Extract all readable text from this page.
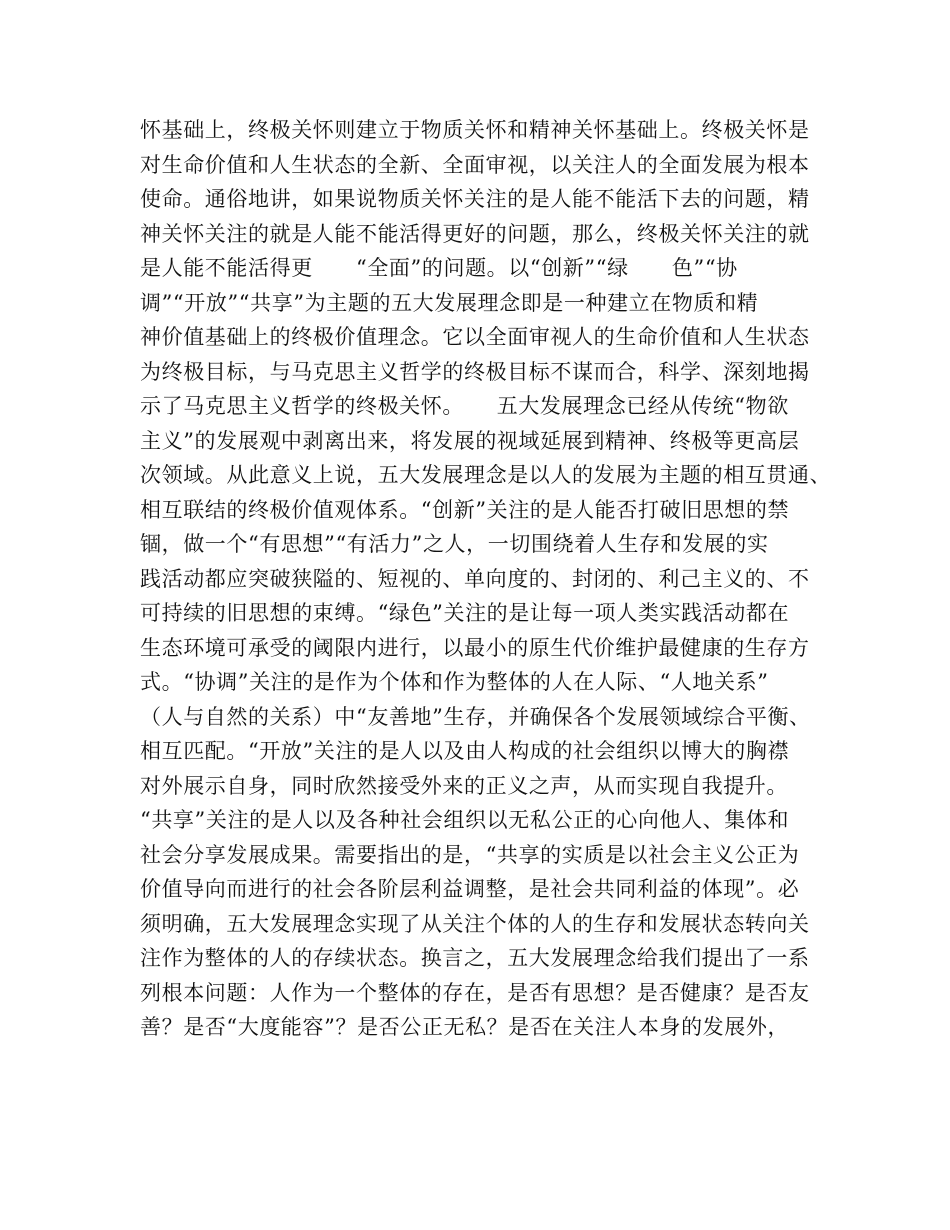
怀基础上，终极关怀则建立于物质关怀和精神关怀基础上。终极关怀是
对生命价值和人生状态的全新、全面审视，以关注人的全面发展为根本
使命。通俗地讲，如果说物质关怀关注的是人能不能活下去的问题，精
神关怀关注的就是人能不能活得更好的问题，那么，终极关怀关注的就
是人能不能活得更　　“全面”的问题。以“创新”“绿　　色”“协
调”“开放”“共享”为主题的五大发展理念即是一种建立在物质和精
神价值基础上的终极价值理念。它以全面审视人的生命价值和人生状态
为终极目标，与马克思主义哲学的终极目标不谋而合，科学、深刻地揭
示了马克思主义哲学的终极关怀。　　五大发展理念已经从传统“物欲
主义”的发展观中剥离出来，将发展的视域延展到精神、终极等更高层
次领域。从此意义上说，五大发展理念是以人的发展为主题的相互贯通、
相互联结的终极价值观体系。“创新”关注的是人能否打破旧思想的禁
锢，做一个“有思想”“有活力”之人，一切围绕着人生存和发展的实
践活动都应突破狭隘的、短视的、单向度的、封闭的、利己主义的、不
可持续的旧思想的束缚。“绿色”关注的是让每一项人类实践活动都在
生态环境可承受的阈限内进行，以最小的原生代价维护最健康的生存方
式。“协调”关注的是作为个体和作为整体的人在人际、“人地关系”
（人与自然的关系）中“友善地”生存，并确保各个发展领域综合平衡、
相互匹配。“开放”关注的是人以及由人构成的社会组织以博大的胸襟
对外展示自身，同时欣然接受外来的正义之声，从而实现自我提升。
“共享”关注的是人以及各种社会组织以无私公正的心向他人、集体和
社会分享发展成果。需要指出的是，“共享的实质是以社会主义公正为
价值导向而进行的社会各阶层利益调整，是社会共同利益的体现”。必
须明确，五大发展理念实现了从关注个体的人的生存和发展状态转向关
注作为整体的人的存续状态。换言之，五大发展理念给我们提出了一系
列根本问题：人作为一个整体的存在，是否有思想？是否健康？是否友
善？是否“大度能容”？是否公正无私？是否在关注人本身的发展外，
